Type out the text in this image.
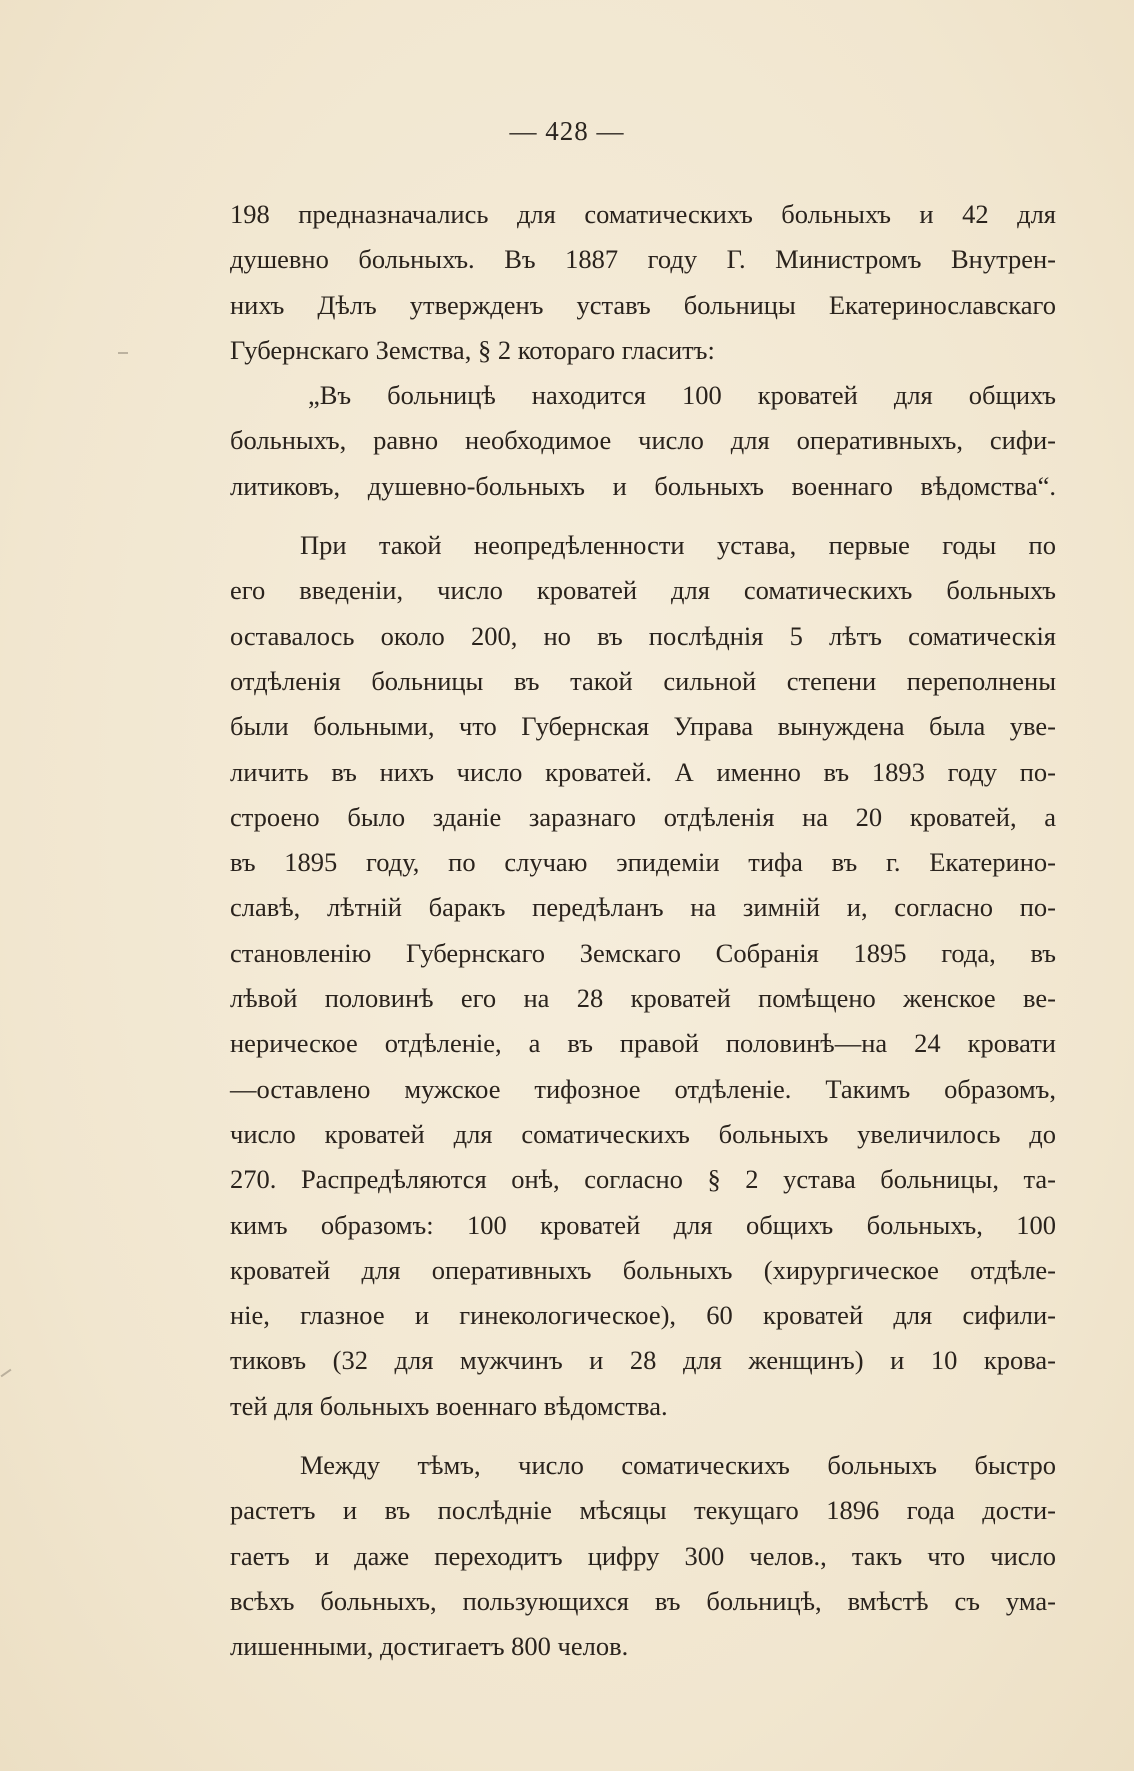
— 428 —
198 предназначались для соматическихъ больныхъ и 42 для
душевно больныхъ. Въ 1887 году Г. Министромъ Внутрен-
нихъ Дѣлъ утвержденъ уставъ больницы Екатеринославскаго
Губернскаго Земства, § 2 котораго гласитъ:
„Въ больницѣ находится 100 кроватей для общихъ
больныхъ, равно необходимое число для оперативныхъ, сифи-
литиковъ, душевно-больныхъ и больныхъ военнаго вѣдомства“.
При такой неопредѣленности устава, первые годы по
его введеніи, число кроватей для соматическихъ больныхъ
оставалось около 200, но въ послѣднія 5 лѣтъ соматическія
отдѣленія больницы въ такой сильной степени переполнены
были больными, что Губернская Управа вынуждена была уве-
личить въ нихъ число кроватей. А именно въ 1893 году по-
строено было зданіе заразнаго отдѣленія на 20 кроватей, а
въ 1895 году, по случаю эпидеміи тифа въ г. Екатерино-
славѣ, лѣтній баракъ передѣланъ на зимній и, согласно по-
становленію Губернскаго Земскаго Собранія 1895 года, въ
лѣвой половинѣ его на 28 кроватей помѣщено женское ве-
нерическое отдѣленіе, а въ правой половинѣ—на 24 кровати
—оставлено мужское тифозное отдѣленіе. Такимъ образомъ,
число кроватей для соматическихъ больныхъ увеличилось до
270. Распредѣляются онѣ, согласно § 2 устава больницы, та-
кимъ образомъ: 100 кроватей для общихъ больныхъ, 100
кроватей для оперативныхъ больныхъ (хирургическое отдѣле-
ніе, глазное и гинекологическое), 60 кроватей для сифили-
тиковъ (32 для мужчинъ и 28 для женщинъ) и 10 крова-
тей для больныхъ военнаго вѣдомства.
Между тѣмъ, число соматическихъ больныхъ быстро
растетъ и въ послѣдніе мѣсяцы текущаго 1896 года дости-
гаетъ и даже переходитъ цифру 300 челов., такъ что число
всѣхъ больныхъ, пользующихся въ больницѣ, вмѣстѣ съ ума-
лишенными, достигаетъ 800 челов.
